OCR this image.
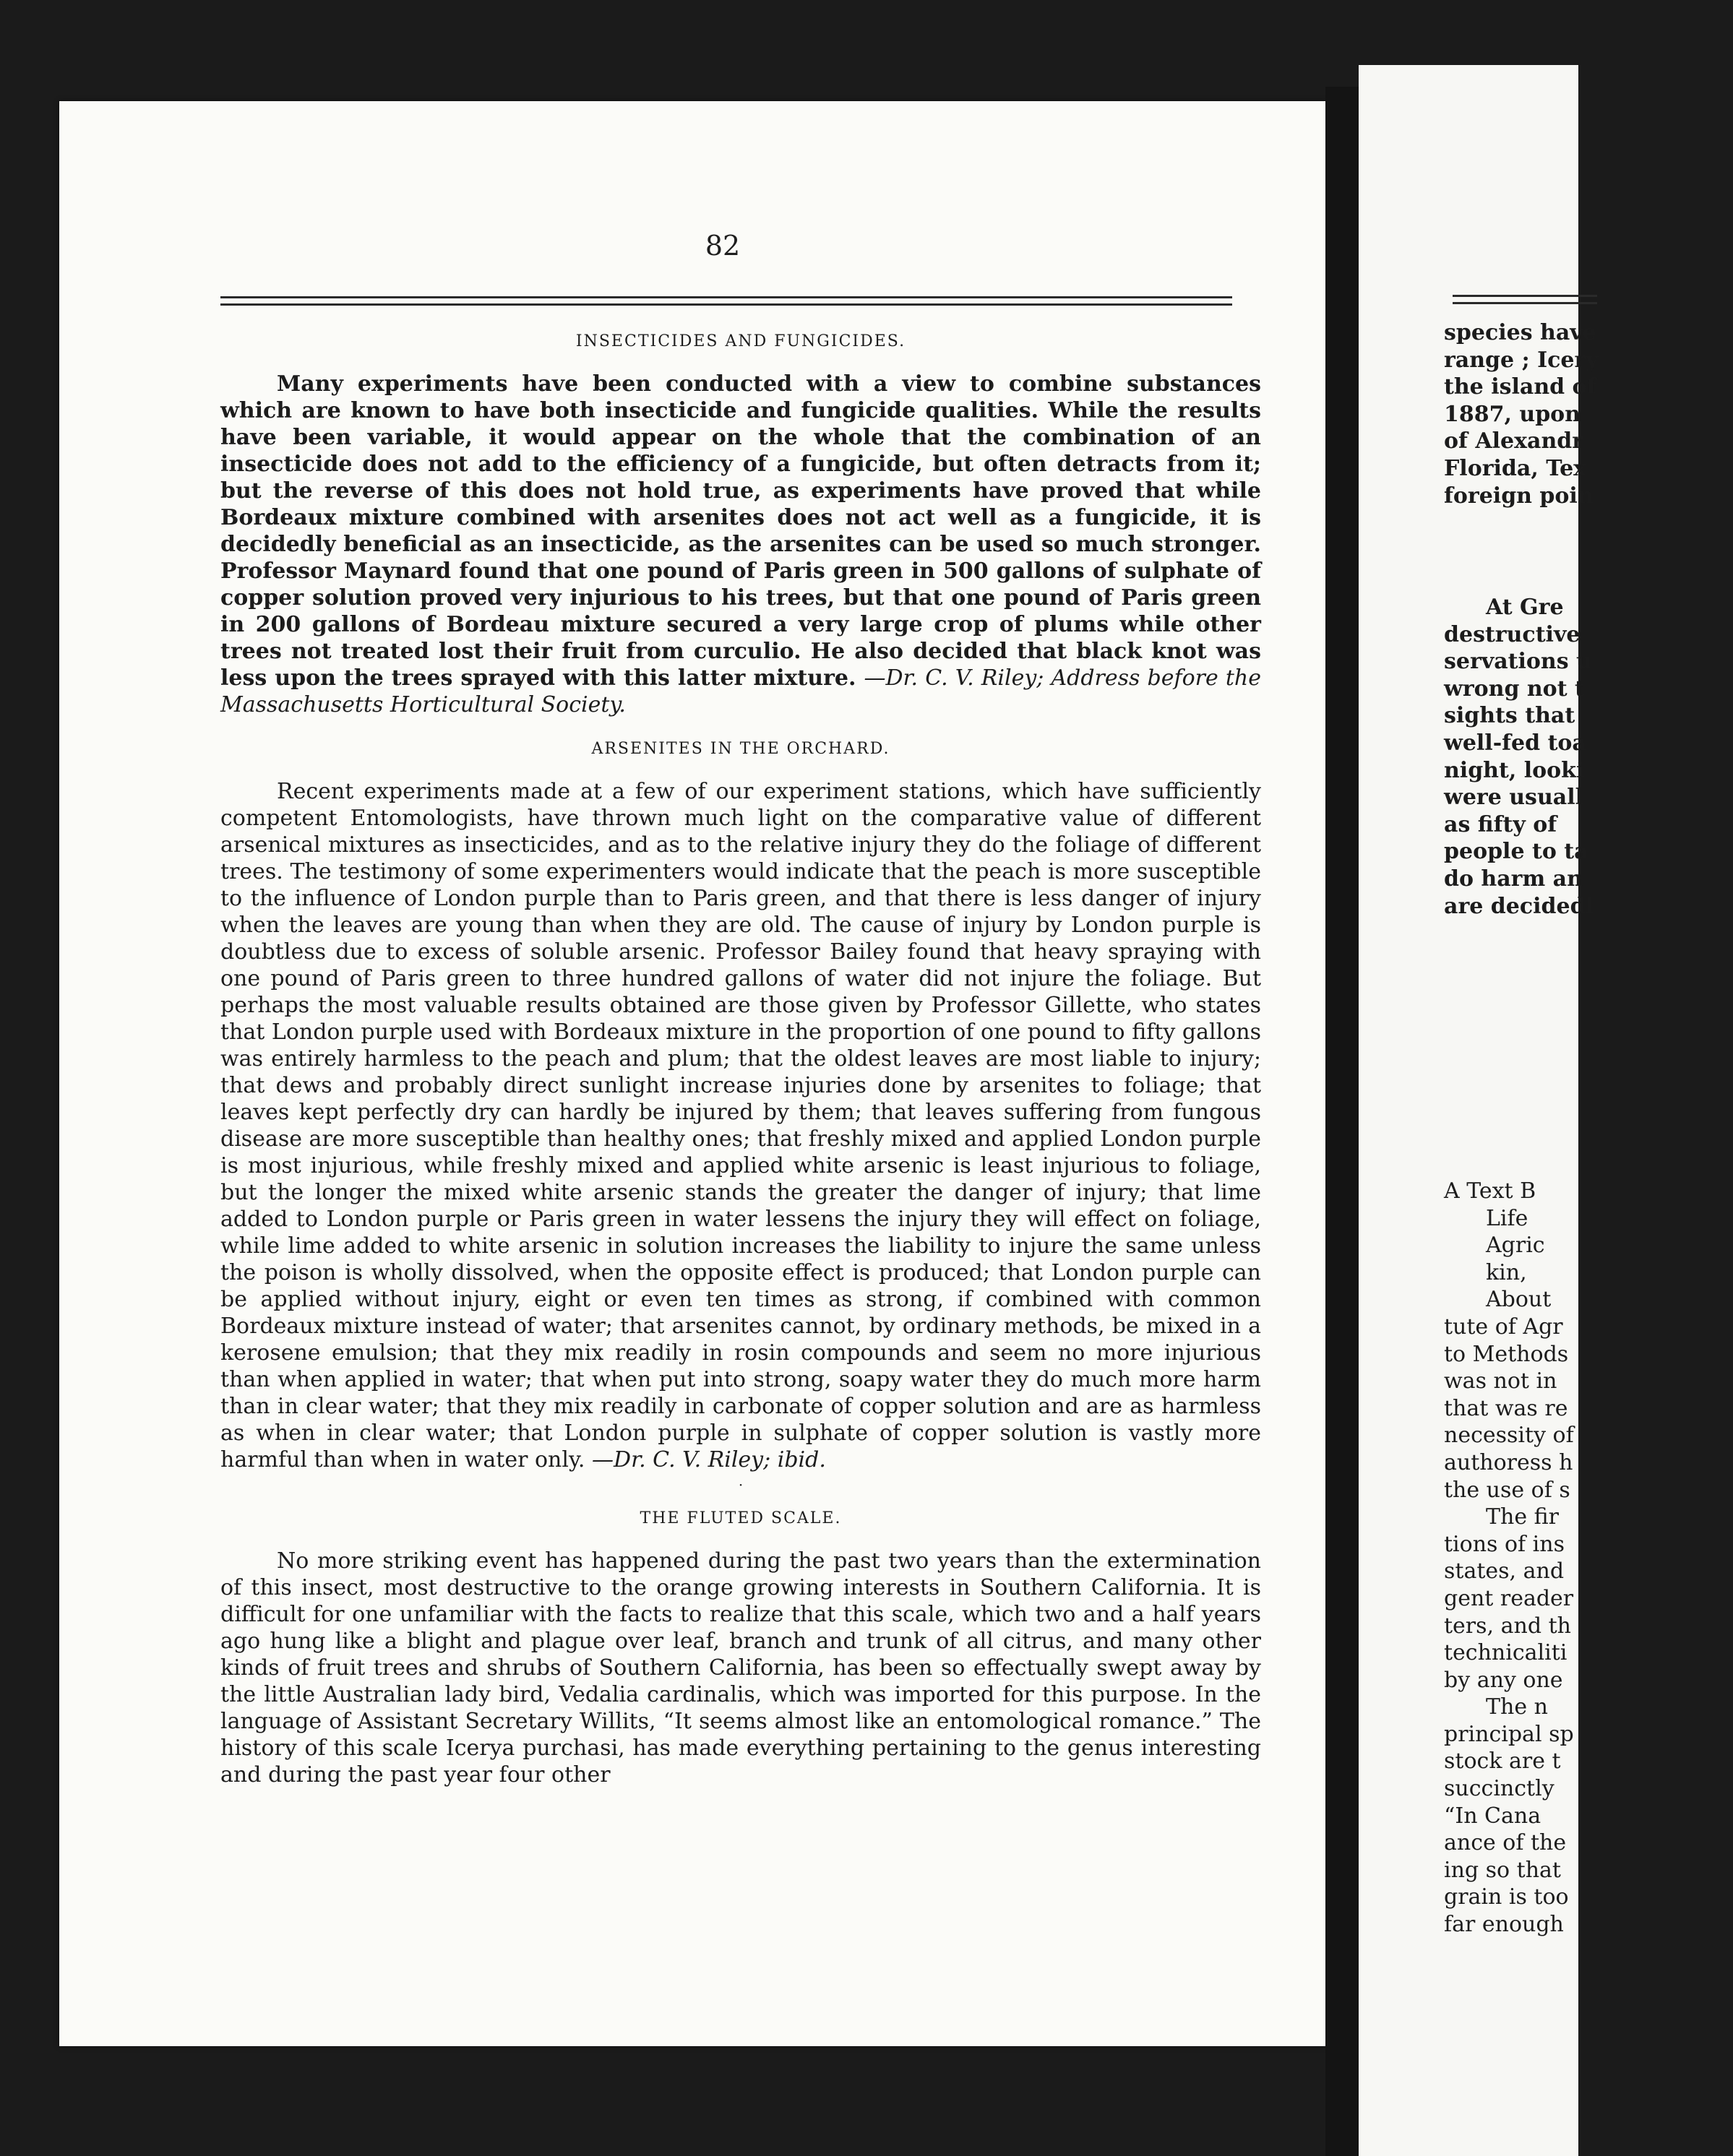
82
INSECTICIDES AND FUNGICIDES.

Many experiments have been conducted with a view to combine substances which are known to have both insecticide and fungicide qualities. While the results have been variable, it would appear on the whole that the combination of an insecticide does not add to the efficiency of a fungicide, but often detracts from it; but the reverse of this does not hold true, as experiments have proved that while Bordeaux mixture combined with arsenites does not act well as a fungicide, it is decidedly beneficial as an insecticide, as the arsenites can be used so much stronger. Professor Maynard found that one pound of Paris green in 500 gallons of sulphate of copper solution proved very injurious to his trees, but that one pound of Paris green in 200 gallons of Bordeau mixture secured a very large crop of plums while other trees not treated lost their fruit from curculio. He also decided that black knot was less upon the trees sprayed with this latter mixture. —Dr. C. V. Riley; Address before the Massachusetts Horticultural Society.

ARSENITES IN THE ORCHARD.

Recent experiments made at a few of our experiment stations, which have sufficiently competent Entomologists, have thrown much light on the comparative value of different arsenical mixtures as insecticides, and as to the relative injury they do the foliage of different trees. The testimony of some experimenters would indicate that the peach is more susceptible to the influence of London purple than to Paris green, and that there is less danger of injury when the leaves are young than when they are old. The cause of injury by London purple is doubtless due to excess of soluble arsenic. Professor Bailey found that heavy spraying with one pound of Paris green to three hundred gallons of water did not injure the foliage. But perhaps the most valuable results obtained are those given by Professor Gillette, who states that London purple used with Bordeaux mixture in the proportion of one pound to fifty gallons was entirely harmless to the peach and plum; that the oldest leaves are most liable to injury; that dews and probably direct sunlight increase injuries done by arsenites to foliage; that leaves kept perfectly dry can hardly be injured by them; that leaves suffering from fungous disease are more susceptible than healthy ones; that freshly mixed and applied London purple is most injurious, while freshly mixed and applied white arsenic is least injurious to foliage, but the longer the mixed white arsenic stands the greater the danger of injury; that lime added to London purple or Paris green in water lessens the injury they will effect on foliage, while lime added to white arsenic in solution increases the liability to injure the same unless the poison is wholly dissolved, when the opposite effect is produced; that London purple can be applied without injury, eight or even ten times as strong, if combined with common Bordeaux mixture instead of water; that arsenites cannot, by ordinary methods, be mixed in a kerosene emulsion; that they mix readily in rosin compounds and seem no more injurious than when applied in water; that when put into strong, soapy water they do much more harm than in clear water; that they mix readily in carbonate of copper solution and are as harmless as when in clear water; that London purple in sulphate of copper solution is vastly more harmful than when in water only. —Dr. C. V. Riley; ibid.

·
THE FLUTED SCALE.

No more striking event has happened during the past two years than the extermination of this insect, most destructive to the orange growing interests in Southern California. It is difficult for one unfamiliar with the facts to realize that this scale, which two and a half years ago hung like a blight and plague over leaf, branch and trunk of all citrus, and many other kinds of fruit trees and shrubs of Southern California, has been so effectually swept away by the little Australian lady bird, Vedalia cardinalis, which was imported for this purpose. In the language of Assistant Secretary Willits, “It seems almost like an entomological romance.” The history of this scale Icerya purchasi, has made everything pertaining to the genus interesting and during the past year four other

species have
range ; Icery
the island of
1887, upon
of Alexandr
Florida, Tex
foreign poin
At Gre
destructive
servations u
wrong not t
sights that
well-fed toa
night, looki
were usuall
as fifty of
people to ta
do harm an
are decidedl
A Text B
Life
Agric
kin,
About
tute of Agr
to Methods
was not in
that was re
necessity of
authoress h
the use of s
The fir
tions of ins
states, and
gent reader
ters, and th
technicaliti
by any one
The n
principal sp
stock are t
succinctly
“In Cana
ance of the
ing so that
grain is too
far enough
